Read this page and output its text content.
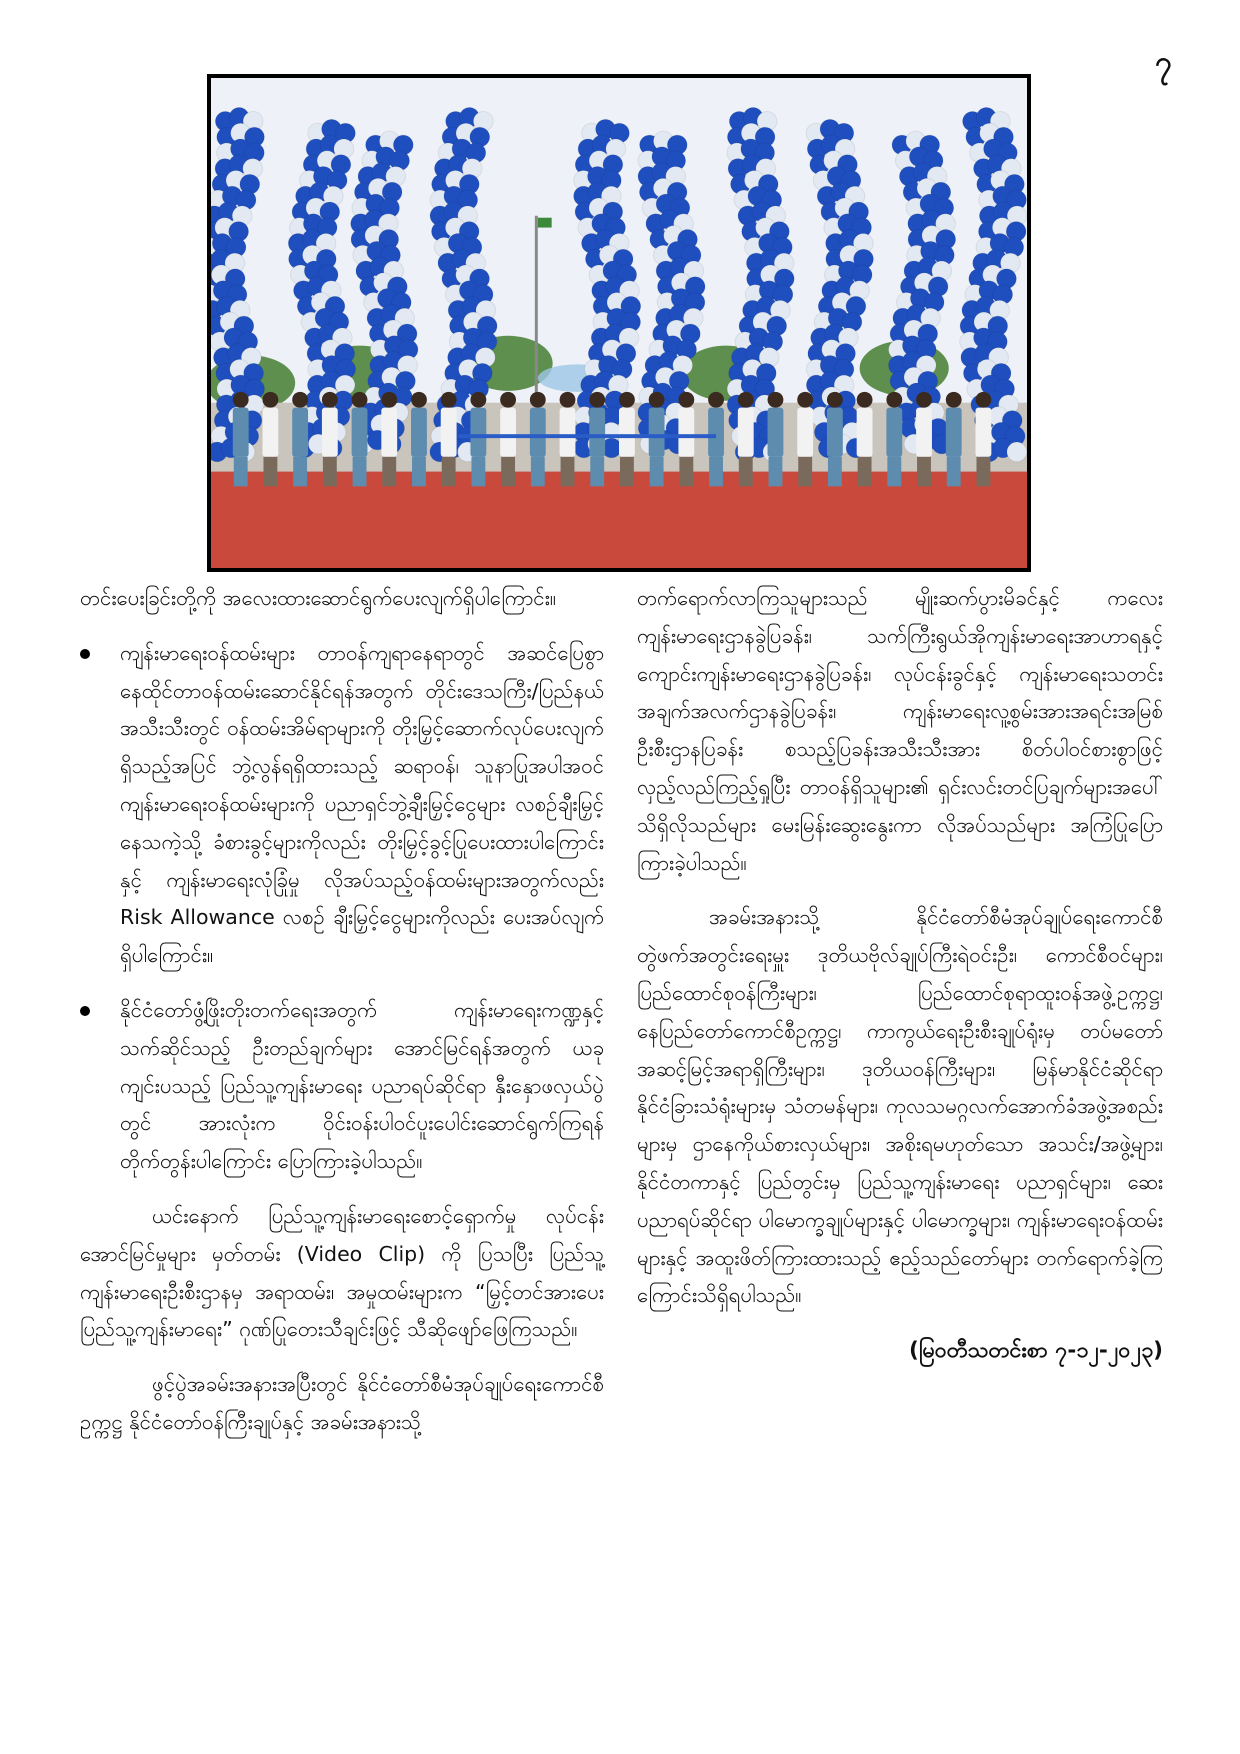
၇

တင်းပေးခြင်းတို့ကို အလေးထားဆောင်ရွက်ပေးလျက်ရှိပါကြောင်း။

ကျန်းမာရေးဝန်ထမ်းများ တာဝန်ကျရာနေရာတွင် အဆင်ပြေစွာ နေထိုင်တာဝန်ထမ်းဆောင်နိုင်ရန်အတွက် တိုင်းဒေသကြီး/ပြည်နယ်အသီးသီးတွင် ဝန်ထမ်းအိမ်ရာများကို တိုးမြှင့်ဆောက်လုပ်ပေးလျက်ရှိသည့်အပြင် ဘွဲ့လွန်ရရှိထားသည့် ဆရာဝန်၊ သူနာပြုအပါအဝင် ကျန်းမာရေးဝန်ထမ်းများကို ပညာရှင်ဘွဲ့ချီးမြှင့်ငွေများ လစဉ်ချီးမြှင့်နေသကဲ့သို့ ခံစားခွင့်များကိုလည်း တိုးမြှင့်ခွင့်ပြုပေးထားပါကြောင်းနှင့် ကျန်းမာရေးလုံခြုံမှု လိုအပ်သည့်ဝန်ထမ်းများအတွက်လည်း Risk Allowance လစဉ် ချီးမြှင့်ငွေများကိုလည်း ပေးအပ်လျက်ရှိပါကြောင်း။
နိုင်ငံတော်ဖွံ့ဖြိုးတိုးတက်ရေးအတွက် ကျန်းမာရေးကဏ္ဍနှင့်သက်ဆိုင်သည့် ဦးတည်ချက်များ အောင်မြင်ရန်အတွက် ယခုကျင်းပသည့် ပြည်သူ့ကျန်းမာရေး ပညာရပ်ဆိုင်ရာ နှီးနှောဖလှယ်ပွဲတွင် အားလုံးက ဝိုင်းဝန်းပါဝင်ပူးပေါင်းဆောင်ရွက်ကြရန် တိုက်တွန်းပါကြောင်း ပြောကြားခဲ့ပါသည်။

ယင်းနောက် ပြည်သူ့ကျန်းမာရေးစောင့်ရှောက်မှု လုပ်ငန်းအောင်မြင်မှုများ မှတ်တမ်း (Video Clip) ကို ပြသပြီး ပြည်သူ့ကျန်းမာရေးဦးစီးဌာနမှ အရာထမ်း၊ အမှုထမ်းများက “မြှင့်တင်အားပေး ပြည်သူ့ကျန်းမာရေး” ဂုဏ်ပြုတေးသီချင်းဖြင့် သီဆိုဖျော်ဖြေကြသည်။

ဖွင့်ပွဲအခမ်းအနားအပြီးတွင် နိုင်ငံတော်စီမံအုပ်ချုပ်ရေးကောင်စီဥက္ကဋ္ဌ နိုင်ငံတော်ဝန်ကြီးချုပ်နှင့် အခမ်းအနားသို့

တက်ရောက်လာကြသူများသည် မျိုးဆက်ပွားမိခင်နှင့် ကလေးကျန်းမာရေးဌာနခွဲပြခန်း၊ သက်ကြီးရွယ်အိုကျန်းမာရေးအာဟာရနှင့် ကျောင်းကျန်းမာရေးဌာနခွဲပြခန်း၊ လုပ်ငန်းခွင်နှင့် ကျန်းမာရေးသတင်းအချက်အလက်ဌာနခွဲပြခန်း၊ ကျန်းမာရေးလူ့စွမ်းအားအရင်းအမြစ်ဦးစီးဌာနပြခန်း စသည့်ပြခန်းအသီးသီးအား စိတ်ပါဝင်စားစွာဖြင့် လှည့်လည်ကြည့်ရှုပြီး တာဝန်ရှိသူများ၏ ရှင်းလင်းတင်ပြချက်များအပေါ် သိရှိလိုသည်များ မေးမြန်းဆွေးနွေးကာ လိုအပ်သည်များ အကြံပြုပြောကြားခဲ့ပါသည်။

အခမ်းအနားသို့ နိုင်ငံတော်စီမံအုပ်ချုပ်ရေးကောင်စီတွဲဖက်အတွင်းရေးမှူး ဒုတိယဗိုလ်ချုပ်ကြီးရဲဝင်းဦး၊ ကောင်စီဝင်များ၊ ပြည်ထောင်စုဝန်ကြီးများ၊ ပြည်ထောင်စုရာထူးဝန်အဖွဲ့ဥက္ကဋ္ဌ၊ နေပြည်တော်ကောင်စီဥက္ကဋ္ဌ၊ ကာကွယ်ရေးဦးစီးချုပ်ရုံးမှ တပ်မတော်အဆင့်မြင့်အရာရှိကြီးများ၊ ဒုတိယဝန်ကြီးများ၊ မြန်မာနိုင်ငံဆိုင်ရာ နိုင်ငံခြားသံရုံးများမှ သံတမန်များ၊ ကုလသမဂ္ဂလက်အောက်ခံအဖွဲ့အစည်းများမှ ဌာနေကိုယ်စားလှယ်များ၊ အစိုးရမဟုတ်သော အသင်း/အဖွဲ့များ၊ နိုင်ငံတကာနှင့် ပြည်တွင်းမှ ပြည်သူ့ကျန်းမာရေး ပညာရှင်များ၊ ဆေးပညာရပ်ဆိုင်ရာ ပါမောက္ခချုပ်များနှင့် ပါမောက္ခများ၊ ကျန်းမာရေးဝန်ထမ်းများနှင့် အထူးဖိတ်ကြားထားသည့် ဧည့်သည်တော်များ တက်ရောက်ခဲ့ကြကြောင်းသိရှိရပါသည်။

(မြဝတီသတင်းစာ ၇-၁၂-၂၀၂၃)
